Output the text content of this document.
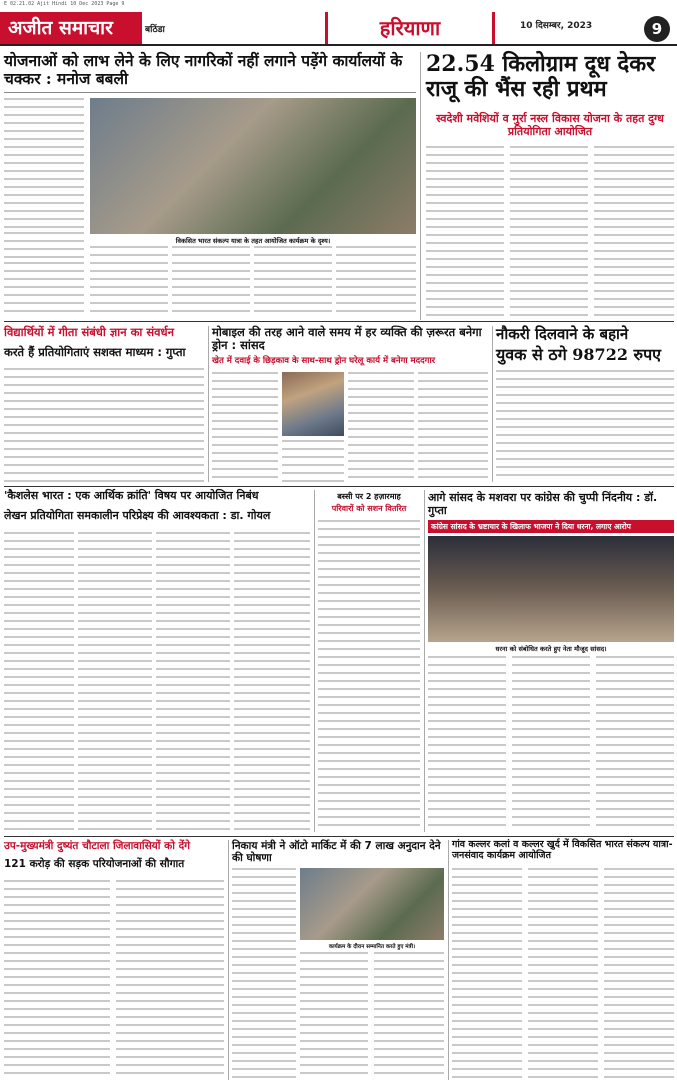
E 02.21.02 Ajit Hindi 10 Dec 2023 Page 9
अजीत समाचार	बठिंडा	हरियाणा	10 दिसम्बर, 2023	9
योजनाओं को लाभ लेने के लिए नागरिकों नहीं लगाने पड़ेंगे कार्यालयों के चक्कर : मनोज बबली
विकसित भारत संकल्प यात्रा के तहत आयोजित कार्यक्रम के दृश्य।
22.54 किलोग्राम दूध देकर राजू की भैंस रही प्रथम
स्वदेशी मवेशियों व मुर्रा नस्ल विकास योजना के तहत दुग्ध प्रतियोगिता आयोजित
विद्यार्थियों में गीता संबंधी ज्ञान का संवर्धन
करते हैं प्रतियोगिताएं सशक्त माध्यम : गुप्ता
मोबाइल की तरह आने वाले समय में हर व्यक्ति की ज़रूरत बनेगा ड्रोन : सांसद
खेत में दवाई के छिड़काव के साथ-साथ ड्रोन घरेलू कार्य में बनेगा मददगार
नौकरी दिलवाने के बहाने
युवक से ठगे 98722 रुपए
'कैशलेस भारत : एक आर्थिक क्रांति' विषय पर आयोजित निबंध
लेखन प्रतियोगिता समकालीन परिप्रेक्ष्य की आवश्यकता : डा. गोयल
बस्सी पर 2 हज़ारमाह
परिवारों को सशन वितरित
आगे सांसद के मशवरा पर कांग्रेस की चुप्पी निंदनीय : डॉ. गुप्ता
कांग्रेस सांसद के भ्रष्टाचार के खिलाफ भाजपा ने दिया धरना, लगाए आरोप
धरना को संबोधित करते हुए नेता मौजूद सांसद।
उप-मुख्यमंत्री दुष्यंत चौटाला जिलावासियों को देंगे
121 करोड़ की सड़क परियोजनाओं की सौगात
निकाय मंत्री ने ऑटो मार्किट में की 7 लाख अनुदान देने की घोषणा
कार्यक्रम के दौरान सम्मानित करते हुए मंत्री।
गांव कल्लर कलां व कल्लर खुर्द में विकसित भारत संकल्प यात्रा-जनसंवाद कार्यक्रम आयोजित
